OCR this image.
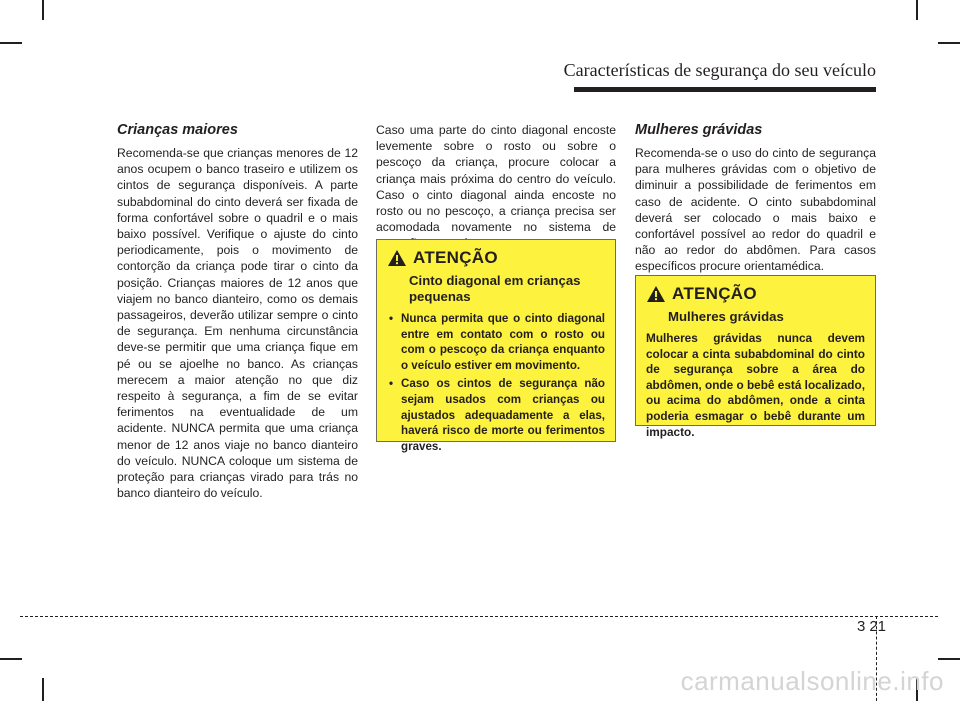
Características de segurança do seu veículo
Crianças maiores

Recomenda-se que crianças menores de 12 anos ocupem o banco traseiro e utilizem os cintos de segurança disponíveis. A parte subabdominal do cinto deverá ser fixada de forma confortável sobre o quadril e o mais baixo possível. Verifique o ajuste do cinto periodicamente, pois o movimento de contorção da criança pode tirar o cinto da posição. Crianças maiores de 12 anos que viajem no banco dianteiro, como os demais passageiros, deverão utilizar sempre o cinto de segurança. Em nenhuma circunstância deve-se permitir que uma criança fique em pé ou se ajoelhe no banco. As crianças merecem a maior atenção no que diz respeito à segurança, a fim de se evitar ferimentos na eventualidade de um acidente. NUNCA permita que uma criança menor de 12 anos viaje no banco dianteiro do veículo. NUNCA coloque um sistema de proteção para crianças virado para trás no banco dianteiro do veículo.

Caso uma parte do cinto diagonal encoste levemente sobre o rosto ou sobre o pescoço da criança, procure colocar a criança mais próxima do centro do veículo. Caso o cinto diagonal ainda encoste no rosto ou no pescoço, a criança precisa ser acomodada novamente no sistema de

ATENÇÃO
Cinto diagonal em crianças pequenas
• Nunca permita que o cinto diagonal entre em contato com o rosto ou com o pescoço da criança enquanto o veículo estiver em movimento.
• Caso os cintos de segurança não sejam usados com crianças ou ajustados adequadamente a elas, haverá risco de morte ou ferimentos graves.
Mulheres grávidas

Recomenda-se o uso do cinto de segurança para mulheres grávidas com o objetivo de diminuir a possibilidade de ferimentos em caso de acidente. O cinto subabdominal deverá ser colocado o mais baixo e confortável possível ao redor do quadril e não ao redor do abdômen. Para casos específicos procure orientamédica.

ATENÇÃO
Mulheres grávidas

Mulheres grávidas nunca devem colocar a cinta subabdominal do cinto de segurança sobre a área do abdômen, onde o bebê está localizado, ou acima do abdômen, onde a cinta poderia esmagar o bebê durante um impacto.

3 21
carmanualsonline.info
